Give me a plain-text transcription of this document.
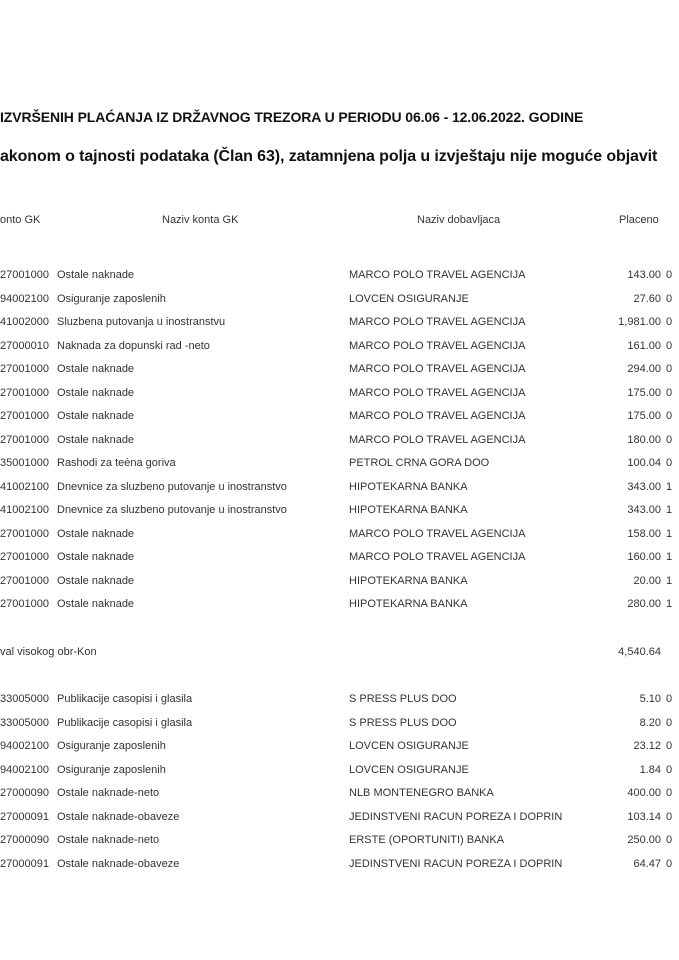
IZVRŠENIH PLAĆANJA IZ DRŽAVNOG TREZORA U PERIODU 06.06 - 12.06.2022. GODINE
akonom o tajnosti podataka (Član 63), zatamnjena polja u izvještaju nije moguće objavit
onto GK	Naziv konta GK	Naziv dobavljaca	Placeno
27001000 Ostale naknade	MARCO POLO TRAVEL AGENCIJA	143.00 0
94002100 Osiguranje zaposlenih	LOVCEN OSIGURANJE	27.60 0
41002000 Sluzbena putovanja u inostranstvu	MARCO POLO TRAVEL AGENCIJA	1,981.00 0
27000010 Naknada za dopunski rad -neto	MARCO POLO TRAVEL AGENCIJA	161.00 0
27001000 Ostale naknade	MARCO POLO TRAVEL AGENCIJA	294.00 0
27001000 Ostale naknade	MARCO POLO TRAVEL AGENCIJA	175.00 0
27001000 Ostale naknade	MARCO POLO TRAVEL AGENCIJA	175.00 0
27001000 Ostale naknade	MARCO POLO TRAVEL AGENCIJA	180.00 0
35001000 Rashodi za teėna goriva	PETROL CRNA GORA DOO	100.04 0
41002100 Dnevnice za sluzbeno putovanje u inostranstvo	HIPOTEKARNA BANKA	343.00 1
41002100 Dnevnice za sluzbeno putovanje u inostranstvo	HIPOTEKARNA BANKA	343.00 1
27001000 Ostale naknade	MARCO POLO TRAVEL AGENCIJA	158.00 1
27001000 Ostale naknade	MARCO POLO TRAVEL AGENCIJA	160.00 1
27001000 Ostale naknade	HIPOTEKARNA BANKA	20.00 1
27001000 Ostale naknade	HIPOTEKARNA BANKA	280.00 1
val visokog obr-Kon	4,540.64
33005000 Publikacije casopisi i glasila	S PRESS PLUS DOO	5.10 0
33005000 Publikacije casopisi i glasila	S PRESS PLUS DOO	8.20 0
94002100 Osiguranje zaposlenih	LOVCEN OSIGURANJE	23.12 0
94002100 Osiguranje zaposlenih	LOVCEN OSIGURANJE	1.84 0
27000090 Ostale naknade-neto	NLB MONTENEGRO BANKA	400.00 0
27000091 Ostale naknade-obaveze	JEDINSTVENI RACUN POREZA I DOPRIN	103.14 0
27000090 Ostale naknade-neto	ERSTE (OPORTUNITI) BANKA	250.00 0
27000091 Ostale naknade-obaveze	JEDINSTVENI RACUN POREZA I DOPRIN	64.47 0
